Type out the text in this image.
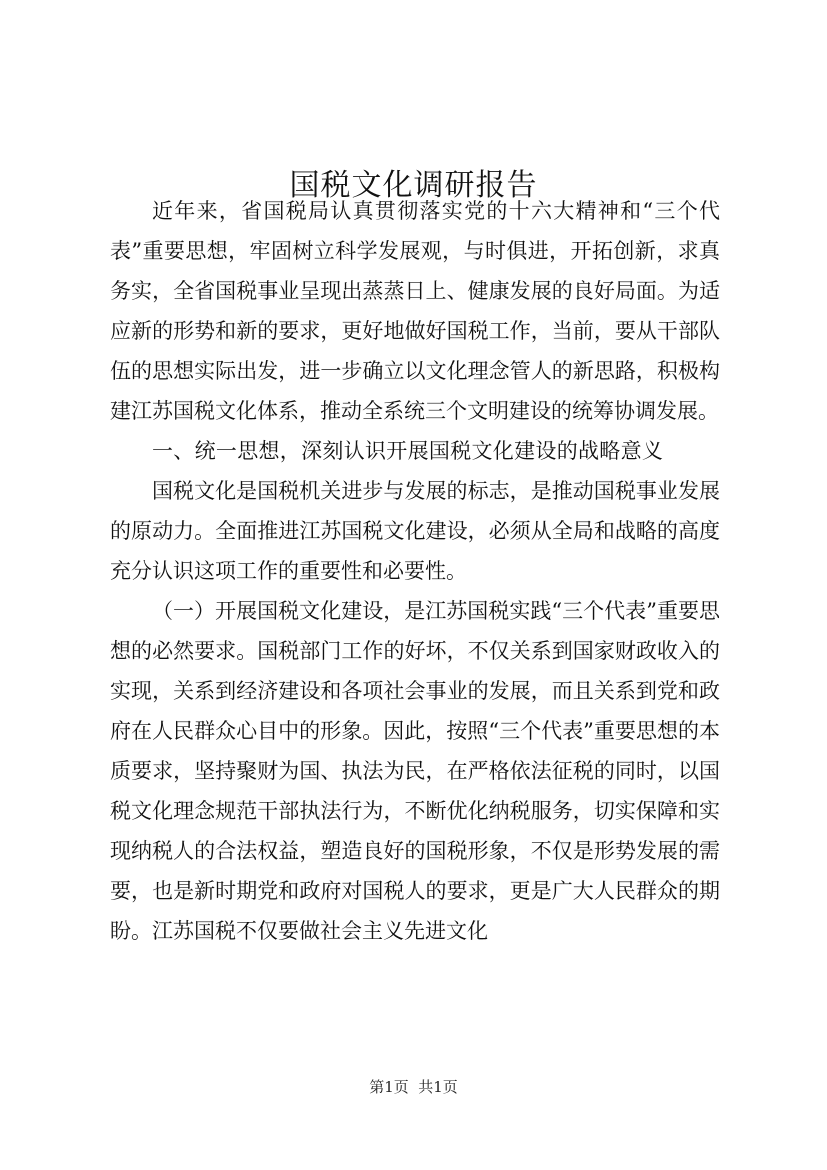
国税文化调研报告

近年来，省国税局认真贯彻落实党的十六大精神和“三个代表”重要思想，牢固树立科学发展观，与时俱进，开拓创新，求真务实，全省国税事业呈现出蒸蒸日上、健康发展的良好局面。为适应新的形势和新的要求，更好地做好国税工作，当前，要从干部队伍的思想实际出发，进一步确立以文化理念管人的新思路，积极构建江苏国税文化体系，推动全系统三个文明建设的统筹协调发展。

一、统一思想，深刻认识开展国税文化建设的战略意义

国税文化是国税机关进步与发展的标志，是推动国税事业发展的原动力。全面推进江苏国税文化建设，必须从全局和战略的高度充分认识这项工作的重要性和必要性。

（一）开展国税文化建设，是江苏国税实践“三个代表”重要思想的必然要求。国税部门工作的好坏，不仅关系到国家财政收入的实现，关系到经济建设和各项社会事业的发展，而且关系到党和政府在人民群众心目中的形象。因此，按照“三个代表”重要思想的本质要求，坚持聚财为国、执法为民，在严格依法征税的同时，以国税文化理念规范干部执法行为，不断优化纳税服务，切实保障和实现纳税人的合法权益，塑造良好的国税形象，不仅是形势发展的需要，也是新时期党和政府对国税人的要求，更是广大人民群众的期盼。江苏国税不仅要做社会主义先进文化

第1页  共1页
